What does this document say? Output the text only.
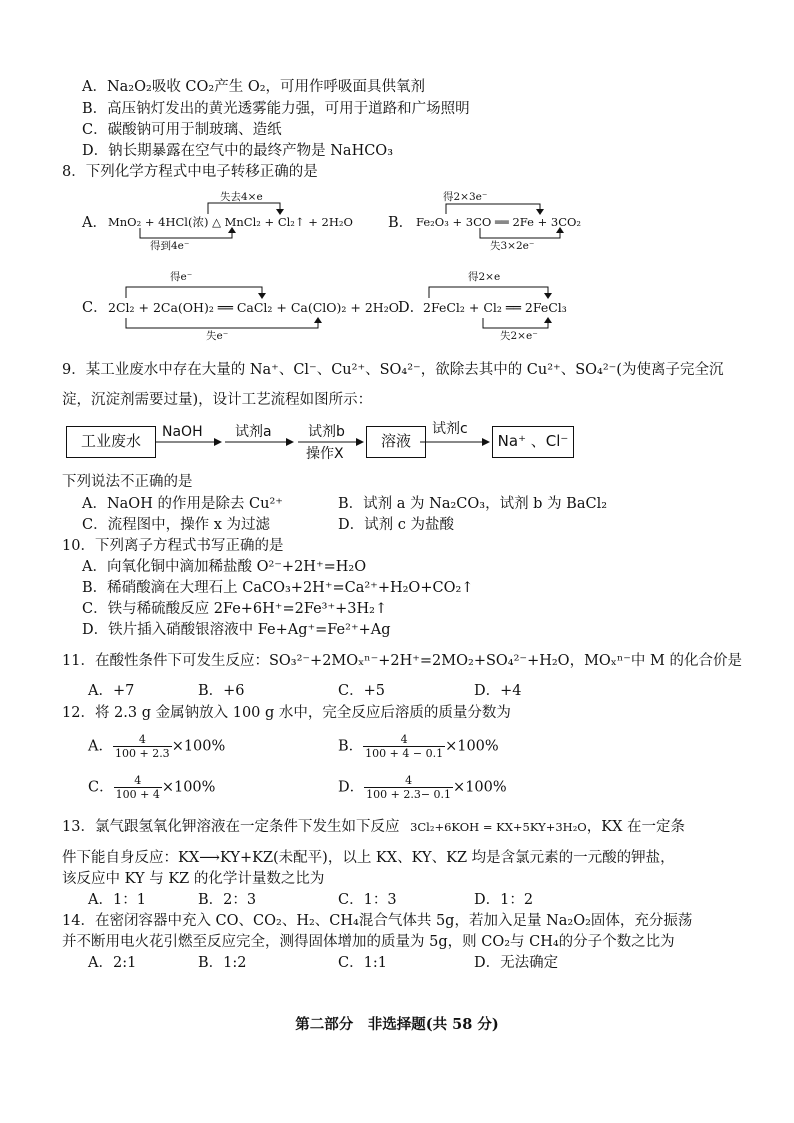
A．Na₂O₂吸收 CO₂产生 O₂，可用作呼吸面具供氧剂
B．高压钠灯发出的黄光透雾能力强，可用于道路和广场照明
C．碳酸钠可用于制玻璃、造纸
D．钠长期暴露在空气中的最终产物是 NaHCO₃
8．下列化学方程式中电子转移正确的是
A． MnO₂ + 4HCl(浓) △ MnCl₂ + Cl₂↑ + 2H₂O
失去4×e
得到4e⁻
B． Fe₂O₃ + 3CO ══ 2Fe + 3CO₂
得2×3e⁻
失3×2e⁻
C． 2Cl₂ + 2Ca(OH)₂ ══ CaCl₂ + Ca(ClO)₂ + 2H₂O
得e⁻
失e⁻
D．
2FeCl₂ + Cl₂ ══ 2FeCl₃
得2×e
失2×e⁻
9．某工业废水中存在大量的 Na⁺、Cl⁻、Cu²⁺、SO₄²⁻，欲除去其中的 Cu²⁺、SO₄²⁻(为使离子完全沉
淀，沉淀剂需要过量)，设计工艺流程如图所示：
工业废水	NaOH 试剂a	试剂b
操作X
溶液
试剂c
Na⁺ 、Cl⁻
下列说法不正确的是
A．NaOH 的作用是除去 Cu²⁺	B．试剂 a 为 Na₂CO₃，试剂 b 为 BaCl₂
C．流程图中，操作 x 为过滤	D．试剂 c 为盐酸
10．下列离子方程式书写正确的是
A．向氧化铜中滴加稀盐酸 O²⁻+2H⁺=H₂O
B．稀硝酸滴在大理石上 CaCO₃+2H⁺=Ca²⁺+H₂O+CO₂↑
C．铁与稀硫酸反应 2Fe+6H⁺=2Fe³⁺+3H₂↑
D．铁片插入硝酸银溶液中 Fe+Ag⁺=Fe²⁺+Ag
11．在酸性条件下可发生反应：SO₃²⁻+2MOₓⁿ⁻+2H⁺=2MO₂+SO₄²⁻+H₂O，MOₓⁿ⁻中 M 的化合价是
A．+7	B．+6	C．+5	D．+4
12．将 2.3 g 金属钠放入 100 g 水中，完全反应后溶质的质量分数为
A． $\frac{4}{100 + 2.3} \times 100\%$	B． $\frac{4}{100 + 4 - 0.1} \times 100\%$
C． $\frac{4}{100 + 4} \times 100\%$	D． $\frac{4}{100 + 2.3- 0.1} \times 100\%$
13．氯气跟氢氧化钾溶液在一定条件下发生如下反应 3Cl₂+6KOH = KX+5KY+3H₂O，KX 在一定条
件下能自身反应：KX⟶KY+KZ(未配平)，以上 KX、KY、KZ 均是含氯元素的一元酸的钾盐，
该反应中 KY 与 KZ 的化学计量数之比为
A．1：1	B．2：3	C．1：3	D．1：2
14．在密闭容器中充入 CO、CO₂、H₂、CH₄混合气体共 5g，若加入足量 Na₂O₂固体，充分振荡
并不断用电火花引燃至反应完全，测得固体增加的质量为 5g，则 CO₂与 CH₄的分子个数之比为
A．2:1	B．1:2	C．1:1	D．无法确定
第二部分　非选择题(共 58 分)
